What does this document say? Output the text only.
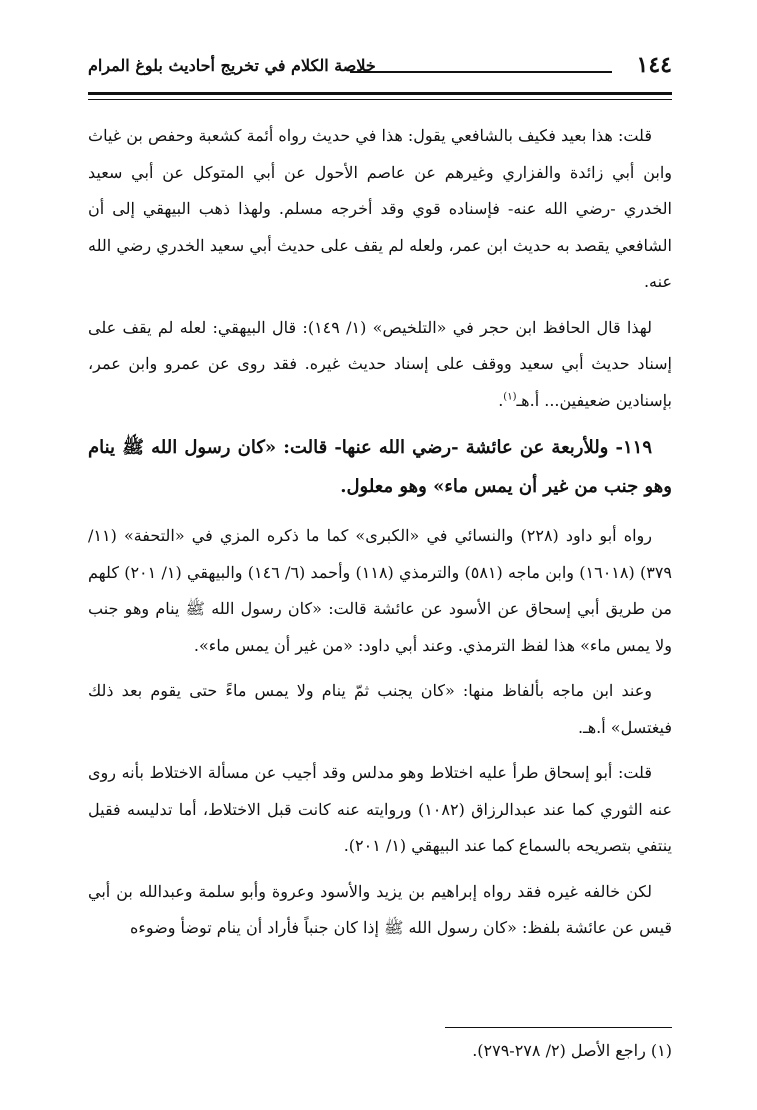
١٤٤
خلاصة الكلام في تخريج أحاديث بلوغ المرام

قلت: هذا بعيد فكيف بالشافعي يقول: هذا في حديث رواه أئمة كشعبة وحفص بن غياث وابن أبي زائدة والفزاري وغيرهم عن عاصم الأحول عن أبي المتوكل عن أبي سعيد الخدري -رضي الله عنه- فإسناده قوي وقد أخرجه مسلم. ولهذا ذهب البيهقي إلى أن الشافعي يقصد به حديث ابن عمر، ولعله لم يقف على حديث أبي سعيد الخدري رضي الله عنه.

لهذا قال الحافظ ابن حجر في «التلخيص» (١/ ١٤٩): قال البيهقي: لعله لم يقف على إسناد حديث أبي سعيد ووقف على إسناد حديث غيره. فقد روى عن عمرو وابن عمر، بإسنادين ضعيفين... أ.هـ$^{(١)}$.

١١٩- وللأربعة عن عائشة -رضي الله عنها- قالت: «كان رسول الله ﷺ ينام وهو جنب من غير أن يمس ماء» وهو معلول.

رواه أبو داود (٢٢٨) والنسائي في «الكبرى» كما ما ذكره المزي في «التحفة» (١١/ ٣٧٩) (١٦٠١٨) وابن ماجه (٥٨١) والترمذي (١١٨) وأحمد (٦/ ١٤٦) والبيهقي (١/ ٢٠١) كلهم من طريق أبي إسحاق عن الأسود عن عائشة قالت: «كان رسول الله ﷺ ينام وهو جنب ولا يمس ماء» هذا لفظ الترمذي. وعند أبي داود: «من غير أن يمس ماء».

وعند ابن ماجه بألفاظ منها: «كان يجنب ثمّ ينام ولا يمس ماءً حتى يقوم بعد ذلك فيغتسل» أ.هـ.

قلت: أبو إسحاق طرأ عليه اختلاط وهو مدلس وقد أجيب عن مسألة الاختلاط بأنه روى عنه الثوري كما عند عبدالرزاق (١٠٨٢) وروايته عنه كانت قبل الاختلاط، أما تدليسه فقيل ينتفي بتصريحه بالسماع كما عند البيهقي (١/ ٢٠١).

لكن خالفه غيره فقد رواه إبراهيم بن يزيد والأسود وعروة وأبو سلمة وعبدالله بن أبي قيس عن عائشة بلفظ: «كان رسول الله ﷺ إذا كان جنباً فأراد أن ينام توضأ وضوءه

(١) راجع الأصل (٢/ ٢٧٨-٢٧٩).
